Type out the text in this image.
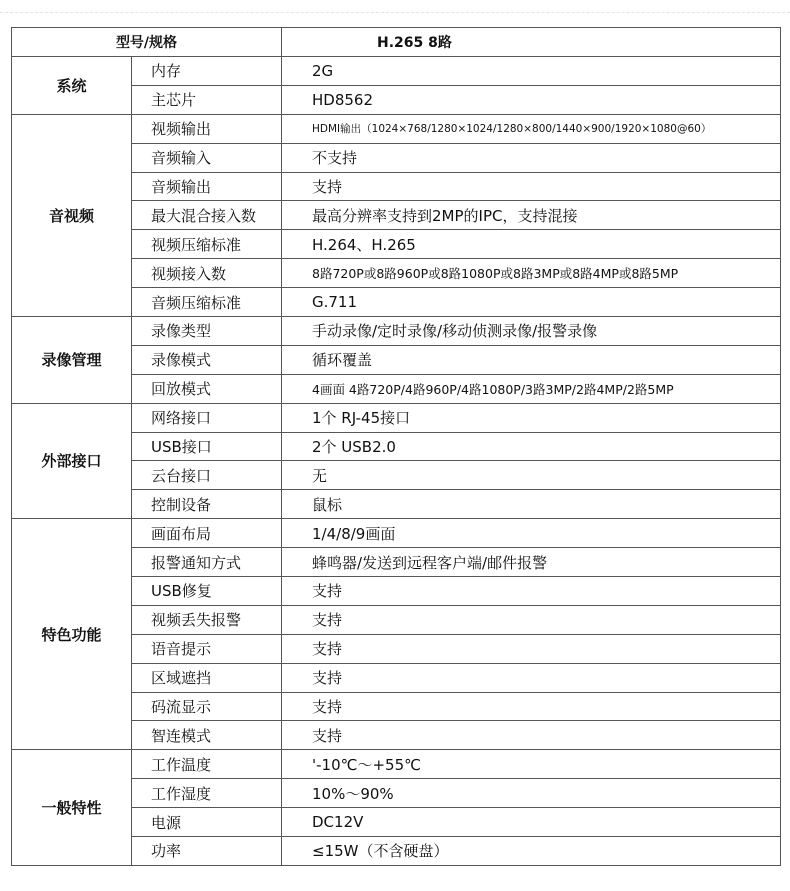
型号/规格		H.265 8路
系统	内存	2G
	主芯片	HD8562
音视频	视频输出	HDMI输出（1024×768/1280×1024/1280×800/1440×900/1920×1080@60）
	音频输入	不支持
	音频输出	支持
	最大混合接入数	最高分辨率支持到2MP的IPC，支持混接
	视频压缩标准	H.264、H.265
	视频接入数	8路720P或8路960P或8路1080P或8路3MP或8路4MP或8路5MP
	音频压缩标准	G.711
录像管理	录像类型	手动录像/定时录像/移动侦测录像/报警录像
	录像模式	循环覆盖
	回放模式	4画面 4路720P/4路960P/4路1080P/3路3MP/2路4MP/2路5MP
外部接口	网络接口	1个 RJ-45接口
	USB接口	2个 USB2.0
	云台接口	无
	控制设备	鼠标
特色功能	画面布局	1/4/8/9画面
	报警通知方式	蜂鸣器/发送到远程客户端/邮件报警
	USB修复	支持
	视频丢失报警	支持
	语音提示	支持
	区域遮挡	支持
	码流显示	支持
	智连模式	支持
一般特性	工作温度	'-10℃～+55℃
	工作湿度	10%～90%
	电源	DC12V
	功率	≤15W（不含硬盘）
